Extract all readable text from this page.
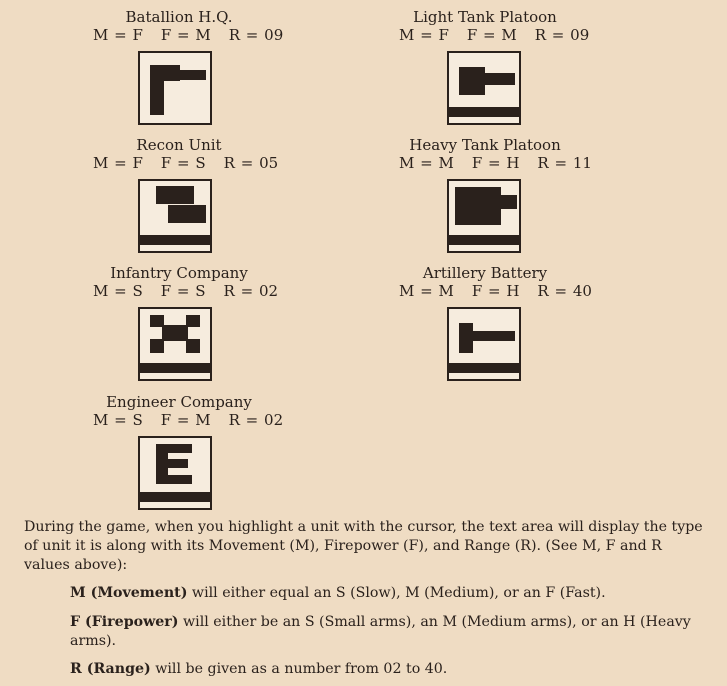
Batallion H.Q.
M = F F = M R = 09
Light Tank Platoon
M = F F = M R = 09
Recon Unit
M = F F = S R = 05
Heavy Tank Platoon
M = M F = H R = 11
Infantry Company
M = S F = S R = 02
Artillery Battery
M = M F = H R = 40
Engineer Company
M = S F = M R = 02
During the game, when you highlight a unit with the cursor, the text area will display the type of unit it is along with its Movement (M), Firepower (F), and Range (R). (See M, F and R values above):
M (Movement) will either equal an S (Slow), M (Medium), or an F (Fast).
F (Firepower) will either be an S (Small arms), an M (Medium arms), or an H (Heavy arms).
R (Range) will be given as a number from 02 to 40.
